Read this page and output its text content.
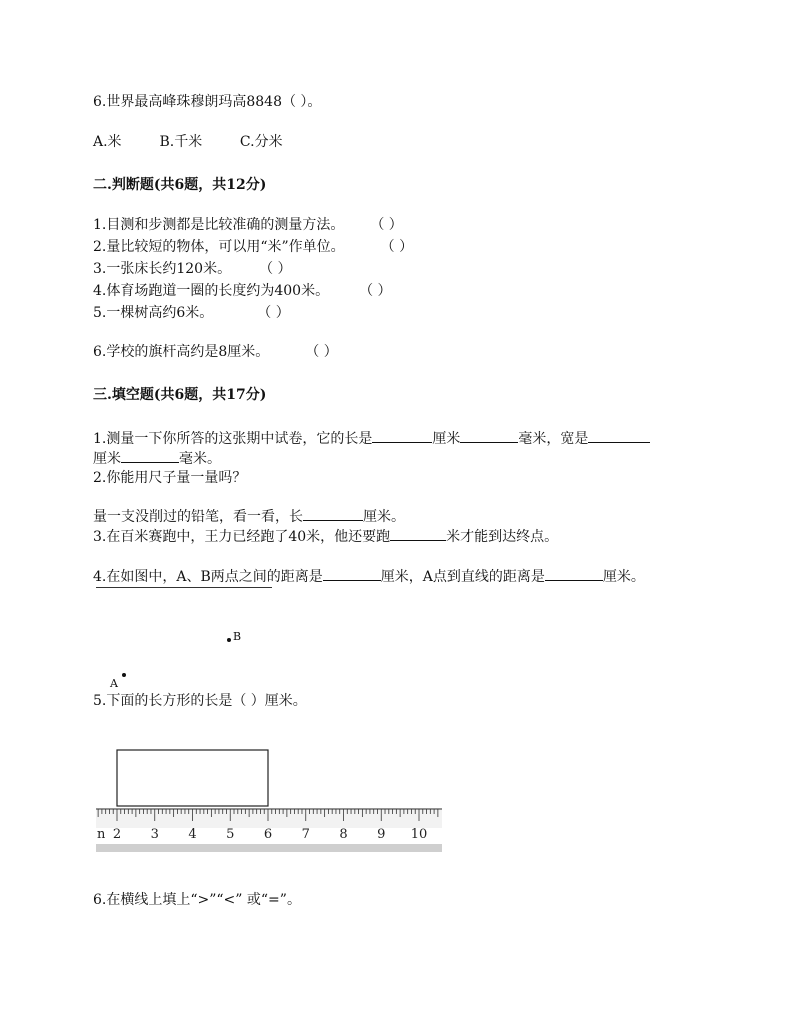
6.世界最高峰珠穆朗玛高8848（ ）。
A.米	B.千米	C.分米
二.判断题(共6题，共12分)
1.目测和步测都是比较准确的测量方法。 （ ）
2.量比较短的物体，可以用“米”作单位。	（ ）
3.一张床长约120米。 （ ）
4.体育场跑道一圈的长度约为400米。 （ ）
5.一棵树高约6米。	（ ）
6.学校的旗杆高约是8厘米。	（ ）
三.填空题(共6题，共17分)
1.测量一下你所答的这张期中试卷，它的长是	厘米	毫米，宽是
厘米	毫米。
2.你能用尺子量一量吗？
量一支没削过的铅笔，看一看，长	厘米。
3.在百米赛跑中，王力已经跑了40米，他还要跑	米才能到达终点。
4.在如图中，A、B两点之间的距离是	厘米，A点到直线的距离是	厘米。
B
A
5.下面的长方形的长是（ ）厘米。
n 2 3 4 5 6 7 8 9 10
6.在横线上填上“>”“<” 或“=”。
